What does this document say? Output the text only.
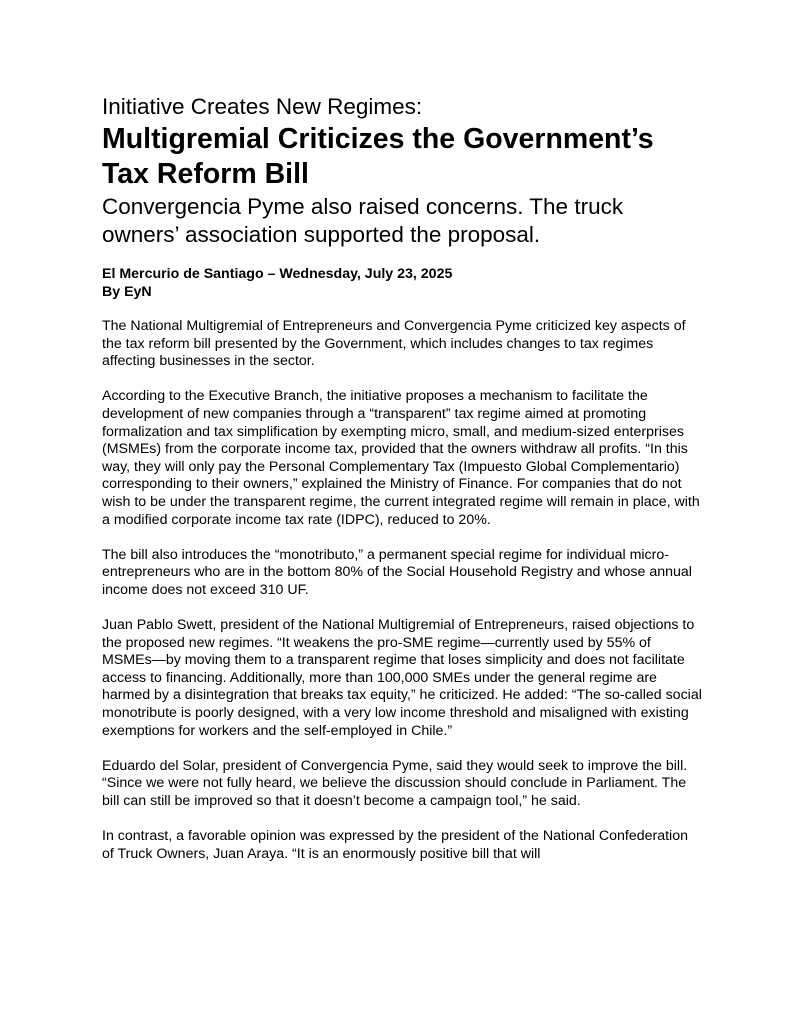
Initiative Creates New Regimes:
Multigremial Criticizes the Government’s Tax Reform Bill
Convergencia Pyme also raised concerns. The truck owners’ association supported the proposal.
El Mercurio de Santiago – Wednesday, July 23, 2025
By EyN

The National Multigremial of Entrepreneurs and Convergencia Pyme criticized key aspects of the tax reform bill presented by the Government, which includes changes to tax regimes affecting businesses in the sector.

According to the Executive Branch, the initiative proposes a mechanism to facilitate the development of new companies through a “transparent” tax regime aimed at promoting formalization and tax simplification by exempting micro, small, and medium-sized enterprises (MSMEs) from the corporate income tax, provided that the owners withdraw all profits. “In this way, they will only pay the Personal Complementary Tax (Impuesto Global Complementario) corresponding to their owners,” explained the Ministry of Finance. For companies that do not wish to be under the transparent regime, the current integrated regime will remain in place, with a modified corporate income tax rate (IDPC), reduced to 20%.

The bill also introduces the “monotributo,” a permanent special regime for individual micro-entrepreneurs who are in the bottom 80% of the Social Household Registry and whose annual income does not exceed 310 UF.

Juan Pablo Swett, president of the National Multigremial of Entrepreneurs, raised objections to the proposed new regimes. “It weakens the pro-SME regime—currently used by 55% of MSMEs—by moving them to a transparent regime that loses simplicity and does not facilitate access to financing. Additionally, more than 100,000 SMEs under the general regime are harmed by a disintegration that breaks tax equity,” he criticized. He added: “The so-called social monotribute is poorly designed, with a very low income threshold and misaligned with existing exemptions for workers and the self-employed in Chile.”

Eduardo del Solar, president of Convergencia Pyme, said they would seek to improve the bill. “Since we were not fully heard, we believe the discussion should conclude in Parliament. The bill can still be improved so that it doesn’t become a campaign tool,” he said.

In contrast, a favorable opinion was expressed by the president of the National Confederation of Truck Owners, Juan Araya. “It is an enormously positive bill that will
